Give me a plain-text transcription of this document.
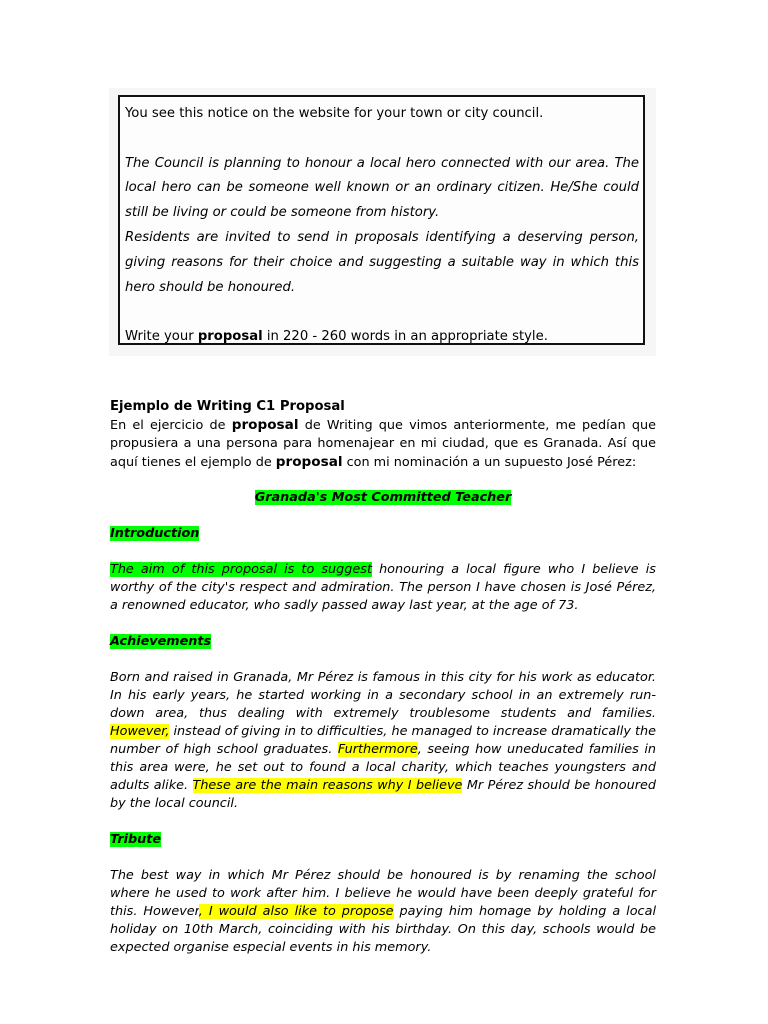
You see this notice on the website for your town or city council.

The Council is planning to honour a local hero connected with our area. The local hero can be someone well known or an ordinary citizen. He/She could still be living or could be someone from history.

Residents are invited to send in proposals identifying a deserving person, giving reasons for their choice and suggesting a suitable way in which this hero should be honoured.

Write your proposal in 220 - 260 words in an appropriate style.

Ejemplo de Writing C1 Proposal

En el ejercicio de proposal de Writing que vimos anteriormente, me pedían que propusiera a una persona para homenajear en mi ciudad, que es Granada. Así que aquí tienes el ejemplo de proposal con mi nominación a un supuesto José Pérez:

Granada's Most Committed Teacher

Introduction

The aim of this proposal is to suggest honouring a local figure who I believe is worthy of the city's respect and admiration. The person I have chosen is José Pérez, a renowned educator, who sadly passed away last year, at the age of 73.

Achievements

Born and raised in Granada, Mr Pérez is famous in this city for his work as educator. In his early years, he started working in a secondary school in an extremely run-down area, thus dealing with extremely troublesome students and families. However, instead of giving in to difficulties, he managed to increase dramatically the number of high school graduates. Furthermore, seeing how uneducated families in this area were, he set out to found a local charity, which teaches youngsters and adults alike. These are the main reasons why I believe Mr Pérez should be honoured by the local council.

Tribute

The best way in which Mr Pérez should be honoured is by renaming the school where he used to work after him. I believe he would have been deeply grateful for this. However, I would also like to propose paying him homage by holding a local holiday on 10th March, coinciding with his birthday. On this day, schools would be expected organise especial events in his memory.
